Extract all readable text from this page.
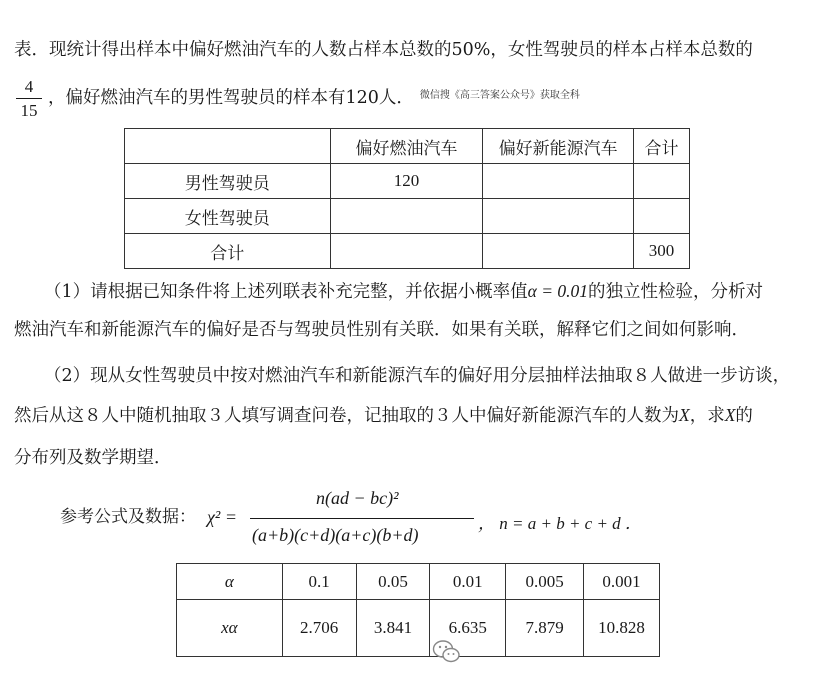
表．现统计得出样本中偏好燃油汽车的人数占样本总数的50%，女性驾驶员的样本占样本总数的
4
15
，偏好燃油汽车的男性驾驶员的样本有120人． $^{微信搜《高三答案公众号》获取全科}$
	偏好燃油汽车	偏好新能源汽车	合计
男性驾驶员	120		
女性驾驶员			
合计			300
（1）请根据已知条件将上述列联表补充完整，并依据小概率值α = 0.01的独立性检验，分析对
燃油汽车和新能源汽车的偏好是否与驾驶员性别有关联．如果有关联，解释它们之间如何影响．
（2）现从女性驾驶员中按对燃油汽车和新能源汽车的偏好用分层抽样法抽取８人做进一步访谈，
然后从这８人中随机抽取３人填写调查问卷，记抽取的３人中偏好新能源汽车的人数为X，求X的
分布列及数学期望．
参考公式及数据： χ² =
n(ad − bc)²
(a+b)(c+d)(a+c)(b+d)
， n = a + b + c + d ．
α	0.1	0.05	0.01	0.005	0.001
xα	2.706	3.841	6.635	7.879	10.828
